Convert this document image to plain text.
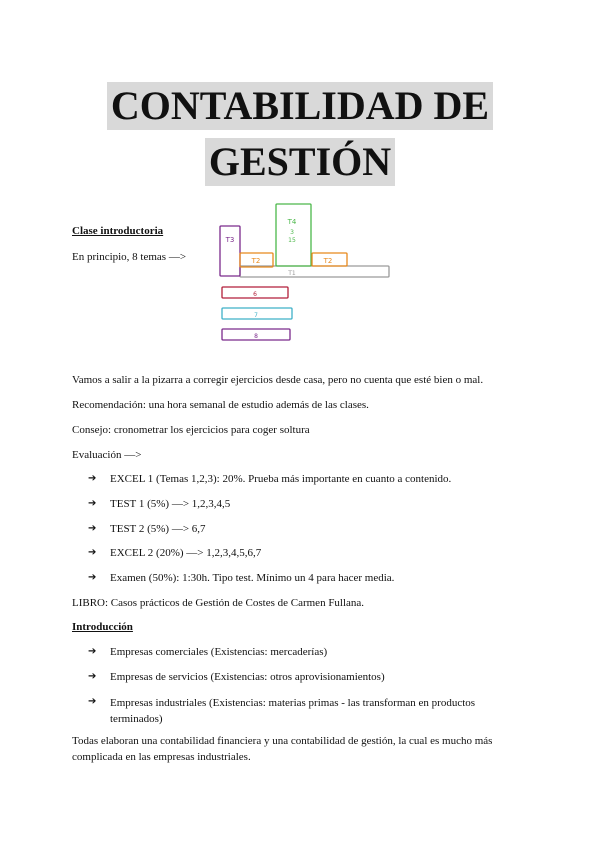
CONTABILIDAD DE
GESTIÓN
Clase introductoria
En principio, 8 temas —>
T1
T3
T2
T4
3
15
T2
6
7
8
Vamos a salir a la pizarra a corregir ejercicios desde casa, pero no cuenta que esté bien o mal.
Recomendación: una hora semanal de estudio además de las clases.
Consejo: cronometrar los ejercicios para coger soltura
Evaluación —>
➔	EXCEL 1 (Temas 1,2,3): 20%. Prueba más importante en cuanto a contenido.
➔	TEST 1 (5%) —> 1,2,3,4,5
➔	TEST 2 (5%) —> 6,7
➔	EXCEL 2 (20%) —> 1,2,3,4,5,6,7
➔	Examen (50%): 1:30h. Tipo test. Mínimo un 4 para hacer media.
LIBRO: Casos prácticos de Gestión de Costes de Carmen Fullana.
Introducción
➔	Empresas comerciales (Existencias: mercaderías)
➔	Empresas de servicios (Existencias: otros aprovisionamientos)
➔	Empresas industriales (Existencias: materias primas - las transforman en productos terminados)
Todas elaboran una contabilidad financiera y una contabilidad de gestión, la cual es mucho más complicada en las empresas industriales.
